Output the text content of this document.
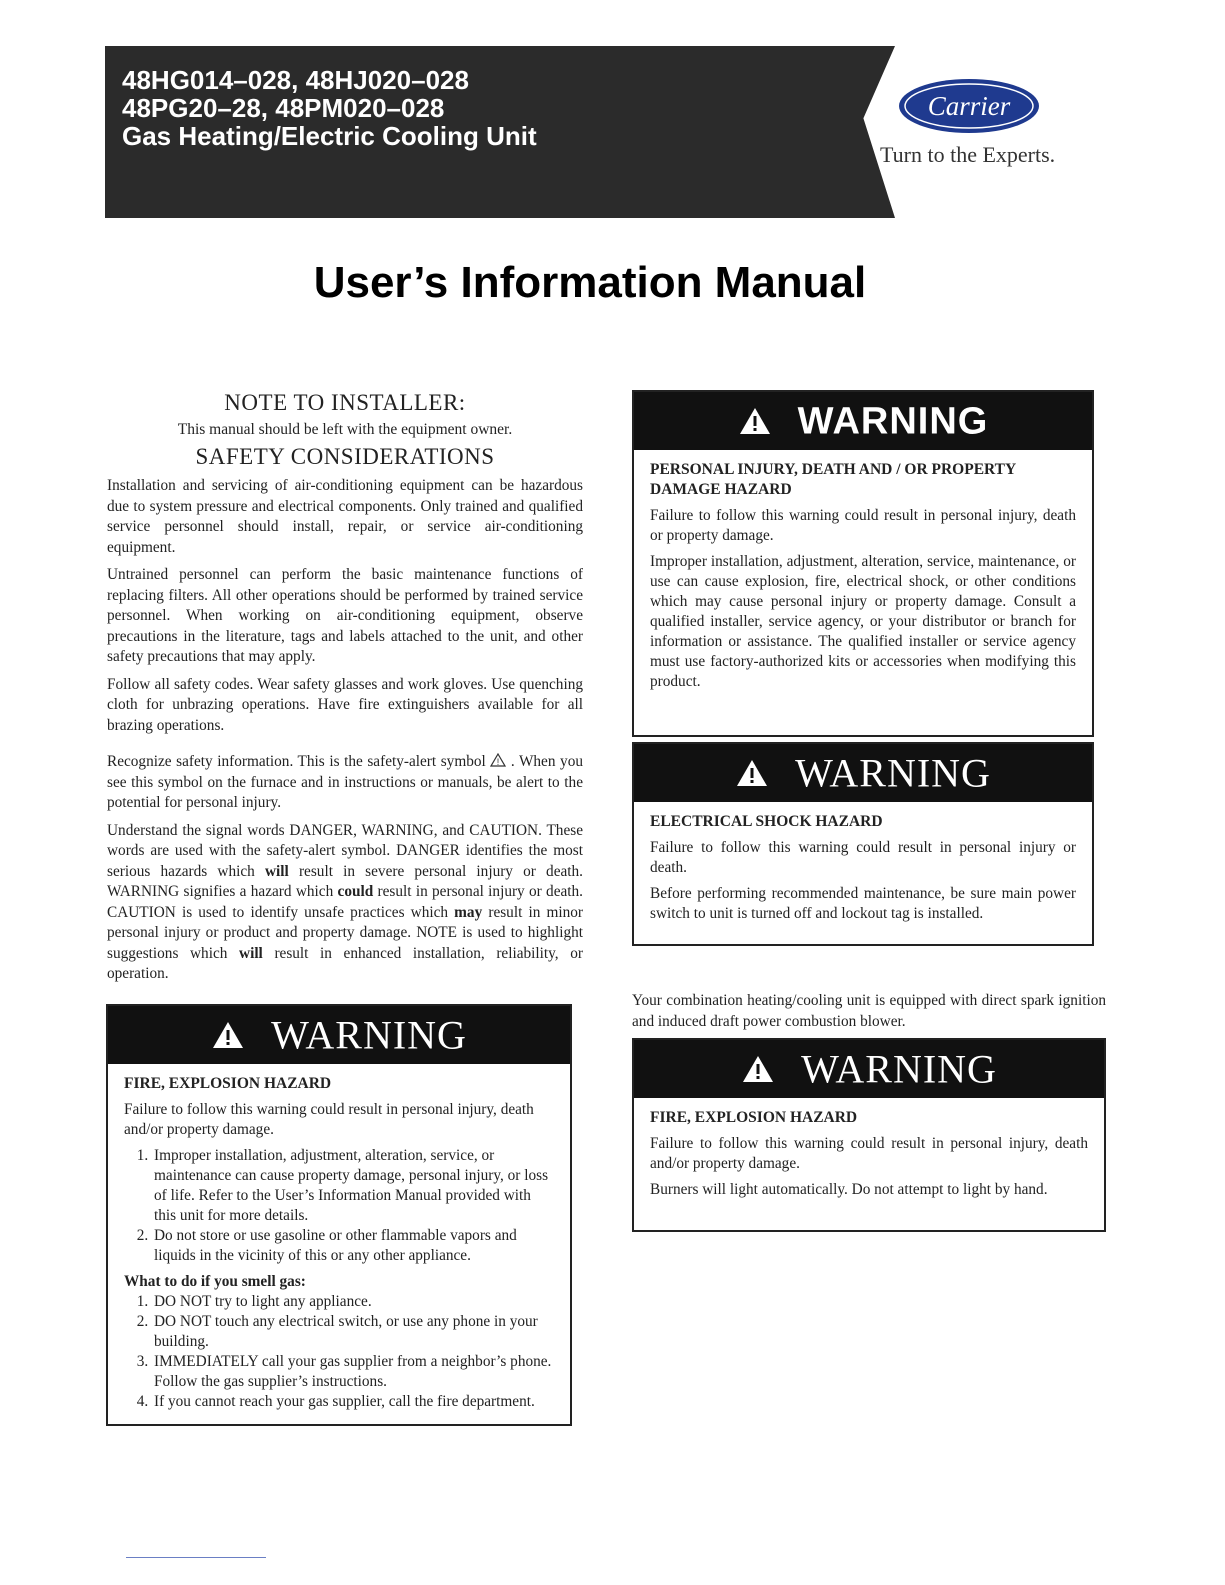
48HG014–028, 48HJ020–028
48PG20–28, 48PM020–028
Gas Heating/Electric Cooling Unit
Carrier
Turn to the Experts.
User’s Information Manual
NOTE TO INSTALLER:

This manual should be left with the equipment owner.

SAFETY CONSIDERATIONS

Installation and servicing of air-conditioning equipment can be hazardous due to system pressure and electrical components. Only trained and qualified service personnel should install, repair, or service air-conditioning equipment.

Untrained personnel can perform the basic maintenance functions of replacing filters. All other operations should be performed by trained service personnel. When working on air-conditioning equipment, observe precautions in the literature, tags and labels attached to the unit, and other safety precautions that may apply.

Follow all safety codes. Wear safety glasses and work gloves. Use quenching cloth for unbrazing operations. Have fire extinguishers available for all brazing operations.

Recognize safety information. This is the safety-alert symbol ! . When you see this symbol on the furnace and in instructions or manuals, be alert to the potential for personal injury.

Understand the signal words DANGER, WARNING, and CAUTION. These words are used with the safety-alert symbol. DANGER identifies the most serious hazards which will result in severe personal injury or death. WARNING signifies a hazard which could result in personal injury or death. CAUTION is used to identify unsafe practices which may result in minor personal injury or product and property damage. NOTE is used to highlight suggestions which will result in enhanced installation, reliability, or operation.

WARNING
FIRE, EXPLOSION HAZARD

Failure to follow this warning could result in personal injury, death and/or property damage.

1. Improper installation, adjustment, alteration, service, or maintenance can cause property damage, personal injury, or loss of life. Refer to the User’s Information Manual provided with this unit for more details.
2. Do not store or use gasoline or other flammable vapors and liquids in the vicinity of this or any other appliance.
What to do if you smell gas:
1. DO NOT try to light any appliance.
2. DO NOT touch any electrical switch, or use any phone in your building.
3. IMMEDIATELY call your gas supplier from a neighbor’s phone. Follow the gas supplier’s instructions.
4. If you cannot reach your gas supplier, call the fire department.
WARNING
PERSONAL INJURY, DEATH AND / OR PROPERTY DAMAGE HAZARD

Failure to follow this warning could result in personal injury, death or property damage.

Improper installation, adjustment, alteration, service, maintenance, or use can cause explosion, fire, electrical shock, or other conditions which may cause personal injury or property damage. Consult a qualified installer, service agency, or your distributor or branch for information or assistance. The qualified installer or service agency must use factory-authorized kits or accessories when modifying this product.

WARNING
ELECTRICAL SHOCK HAZARD

Failure to follow this warning could result in personal injury or death.

Before performing recommended maintenance, be sure main power switch to unit is turned off and lockout tag is installed.

Your combination heating/cooling unit is equipped with direct spark ignition and induced draft power combustion blower.

WARNING
FIRE, EXPLOSION HAZARD

Failure to follow this warning could result in personal injury, death and/or property damage.

Burners will light automatically. Do not attempt to light by hand.
